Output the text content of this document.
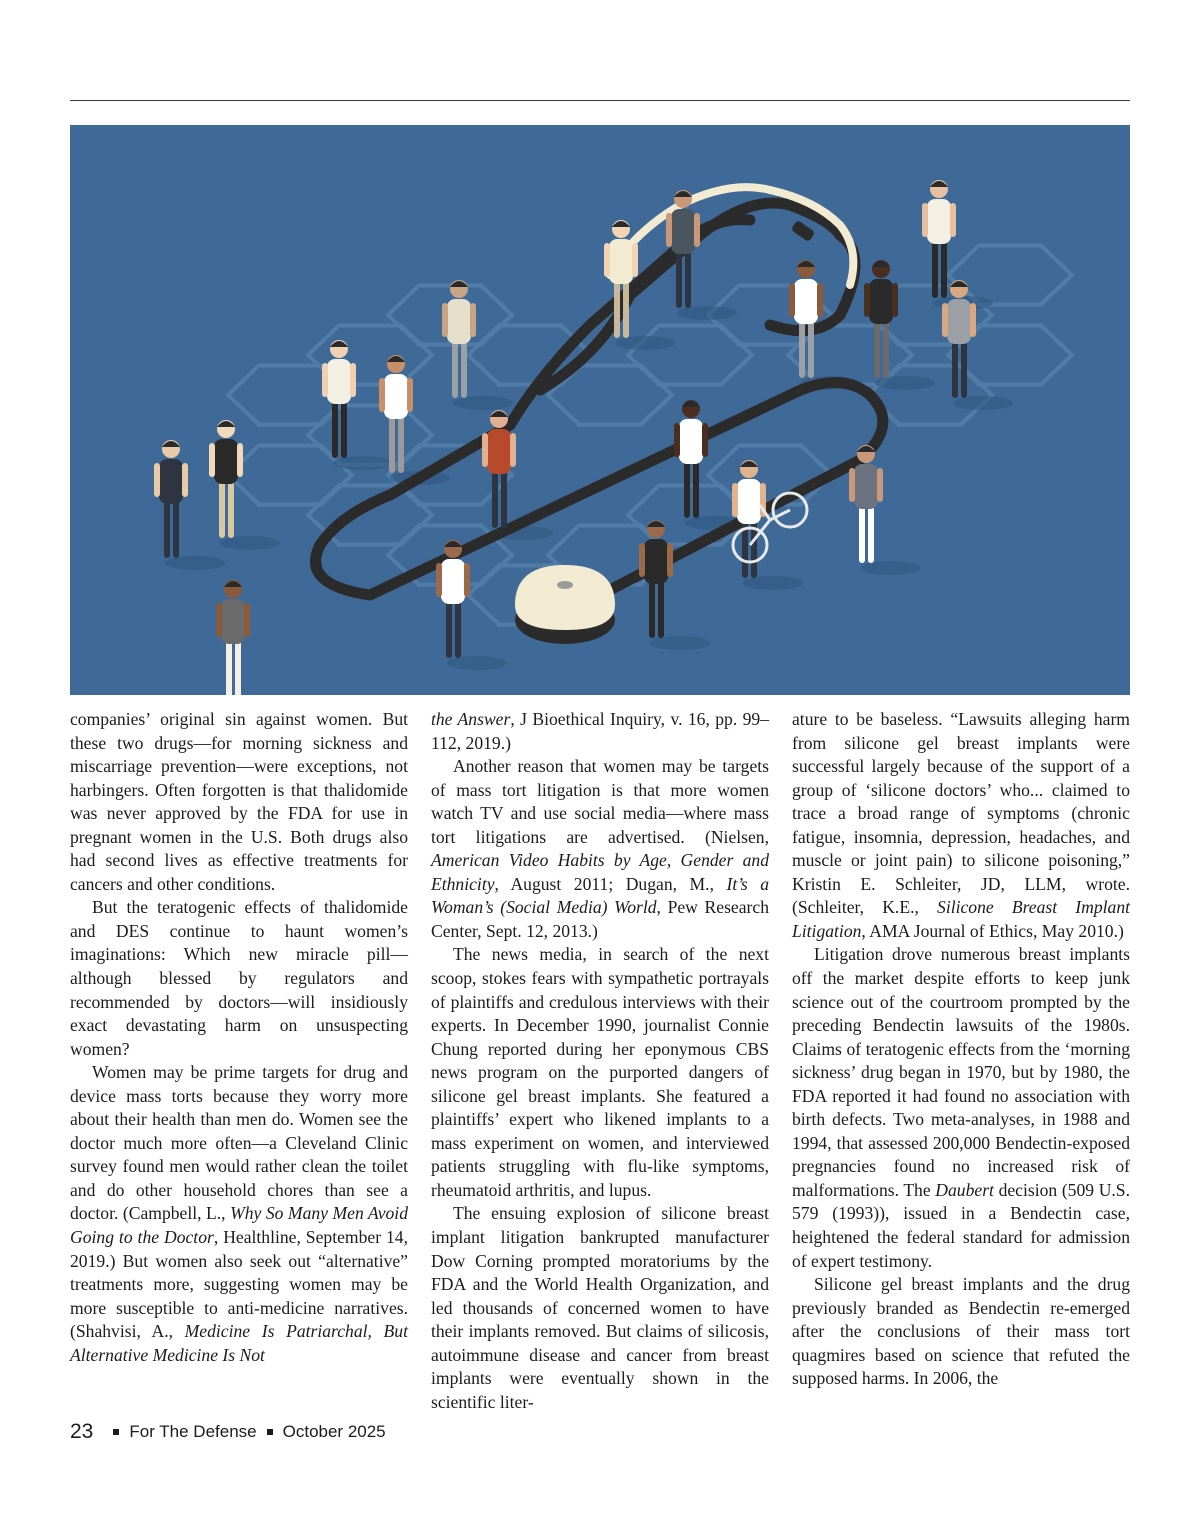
companies’ original sin against women. But these two drugs—for morning sickness and miscarriage prevention—were exceptions, not harbingers. Often forgotten is that thalidomide was never approved by the FDA for use in pregnant women in the U.S. Both drugs also had second lives as effective treatments for cancers and other conditions.

But the teratogenic effects of thalidomide and DES continue to haunt women’s imaginations: Which new miracle pill—although blessed by regulators and recommended by doctors—will insidiously exact devastating harm on unsuspecting women?

Women may be prime targets for drug and device mass torts because they worry more about their health than men do. Women see the doctor much more often—a Cleveland Clinic survey found men would rather clean the toilet and do other household chores than see a doctor. (Campbell, L., Why So Many Men Avoid Going to the Doctor, Healthline, September 14, 2019.) But women also seek out “alternative” treatments more, suggesting women may be more susceptible to anti-medicine narratives. (Shahvisi, A., Medicine Is Patriarchal, But Alternative Medicine Is Not

the Answer, J Bioethical Inquiry, v. 16, pp. 99–112, 2019.)

Another reason that women may be targets of mass tort litigation is that more women watch TV and use social media—where mass tort litigations are advertised. (Nielsen, American Video Habits by Age, Gender and Ethnicity, August 2011; Dugan, M., It’s a Woman’s (Social Media) World, Pew Research Center, Sept. 12, 2013.)

The news media, in search of the next scoop, stokes fears with sympathetic portrayals of plaintiffs and credulous interviews with their experts. In December 1990, journalist Connie Chung reported during her eponymous CBS news program on the purported dangers of silicone gel breast implants. She featured a plaintiffs’ expert who likened implants to a mass experiment on women, and interviewed patients struggling with flu-like symptoms, rheumatoid arthritis, and lupus.

The ensuing explosion of silicone breast implant litigation bankrupted manufacturer Dow Corning prompted moratoriums by the FDA and the World Health Organization, and led thousands of concerned women to have their implants removed. But claims of silicosis, autoimmune disease and cancer from breast implants were eventually shown in the scientific liter-

ature to be baseless. “Lawsuits alleging harm from silicone gel breast implants were successful largely because of the support of a group of ‘silicone doctors’ who... claimed to trace a broad range of symptoms (chronic fatigue, insomnia, depression, headaches, and muscle or joint pain) to silicone poisoning,” Kristin E. Schleiter, JD, LLM, wrote. (Schleiter, K.E., Silicone Breast Implant Litigation, AMA Journal of Ethics, May 2010.)

Litigation drove numerous breast implants off the market despite efforts to keep junk science out of the courtroom prompted by the preceding Bendectin lawsuits of the 1980s. Claims of teratogenic effects from the ‘morning sickness’ drug began in 1970, but by 1980, the FDA reported it had found no association with birth defects. Two meta-analyses, in 1988 and 1994, that assessed 200,000 Bendectin-exposed pregnancies found no increased risk of malformations. The Daubert decision (509 U.S. 579 (1993)), issued in a Bendectin case, heightened the federal standard for admission of expert testimony.

Silicone gel breast implants and the drug previously branded as Bendectin re-emerged after the conclusions of their mass tort quagmires based on science that refuted the supposed harms. In 2006, the

23 For The Defense October 2025
